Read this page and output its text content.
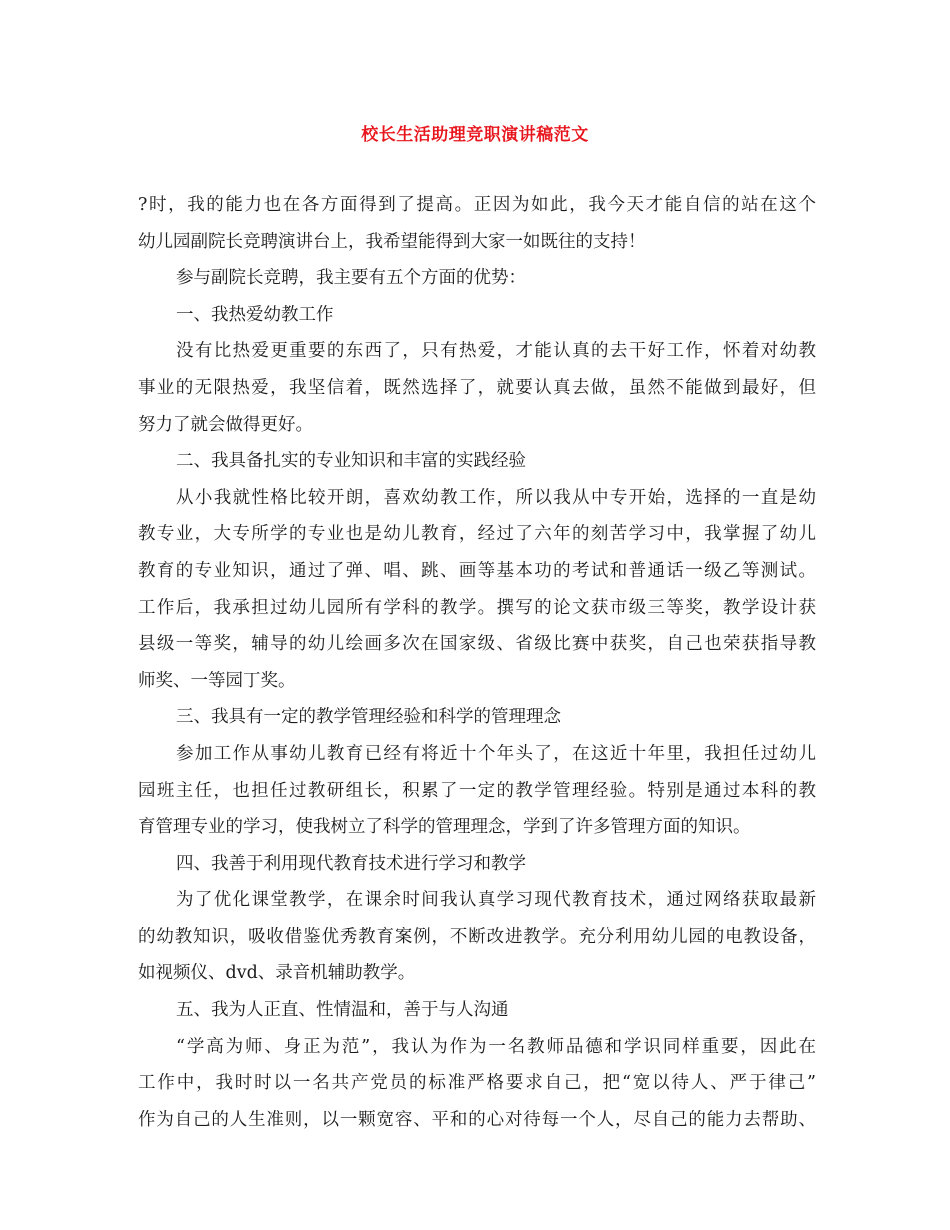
校长生活助理竞职演讲稿范文
?时，我的能力也在各方面得到了提高。正因为如此，我今天才能自信的站在这个
幼儿园副院长竞聘演讲台上，我希望能得到大家一如既往的支持！
参与副院长竞聘，我主要有五个方面的优势：
一、我热爱幼教工作
没有比热爱更重要的东西了，只有热爱，才能认真的去干好工作，怀着对幼教
事业的无限热爱，我坚信着，既然选择了，就要认真去做，虽然不能做到最好，但
努力了就会做得更好。
二、我具备扎实的专业知识和丰富的实践经验
从小我就性格比较开朗，喜欢幼教工作，所以我从中专开始，选择的一直是幼
教专业，大专所学的专业也是幼儿教育，经过了六年的刻苦学习中，我掌握了幼儿
教育的专业知识，通过了弹、唱、跳、画等基本功的考试和普通话一级乙等测试。
工作后，我承担过幼儿园所有学科的教学。撰写的论文获市级三等奖，教学设计获
县级一等奖，辅导的幼儿绘画多次在国家级、省级比赛中获奖，自己也荣获指导教
师奖、一等园丁奖。
三、我具有一定的教学管理经验和科学的管理理念
参加工作从事幼儿教育已经有将近十个年头了，在这近十年里，我担任过幼儿
园班主任，也担任过教研组长，积累了一定的教学管理经验。特别是通过本科的教
育管理专业的学习，使我树立了科学的管理理念，学到了许多管理方面的知识。
四、我善于利用现代教育技术进行学习和教学
为了优化课堂教学，在课余时间我认真学习现代教育技术，通过网络获取最新
的幼教知识，吸收借鉴优秀教育案例，不断改进教学。充分利用幼儿园的电教设备，
如视频仪、dvd、录音机辅助教学。
五、我为人正直、性情温和，善于与人沟通
“学高为师、身正为范”，我认为作为一名教师品德和学识同样重要，因此在
工作中，我时时以一名共产党员的标准严格要求自己，把“宽以待人、严于律己”
作为自己的人生准则，以一颗宽容、平和的心对待每一个人，尽自己的能力去帮助、
